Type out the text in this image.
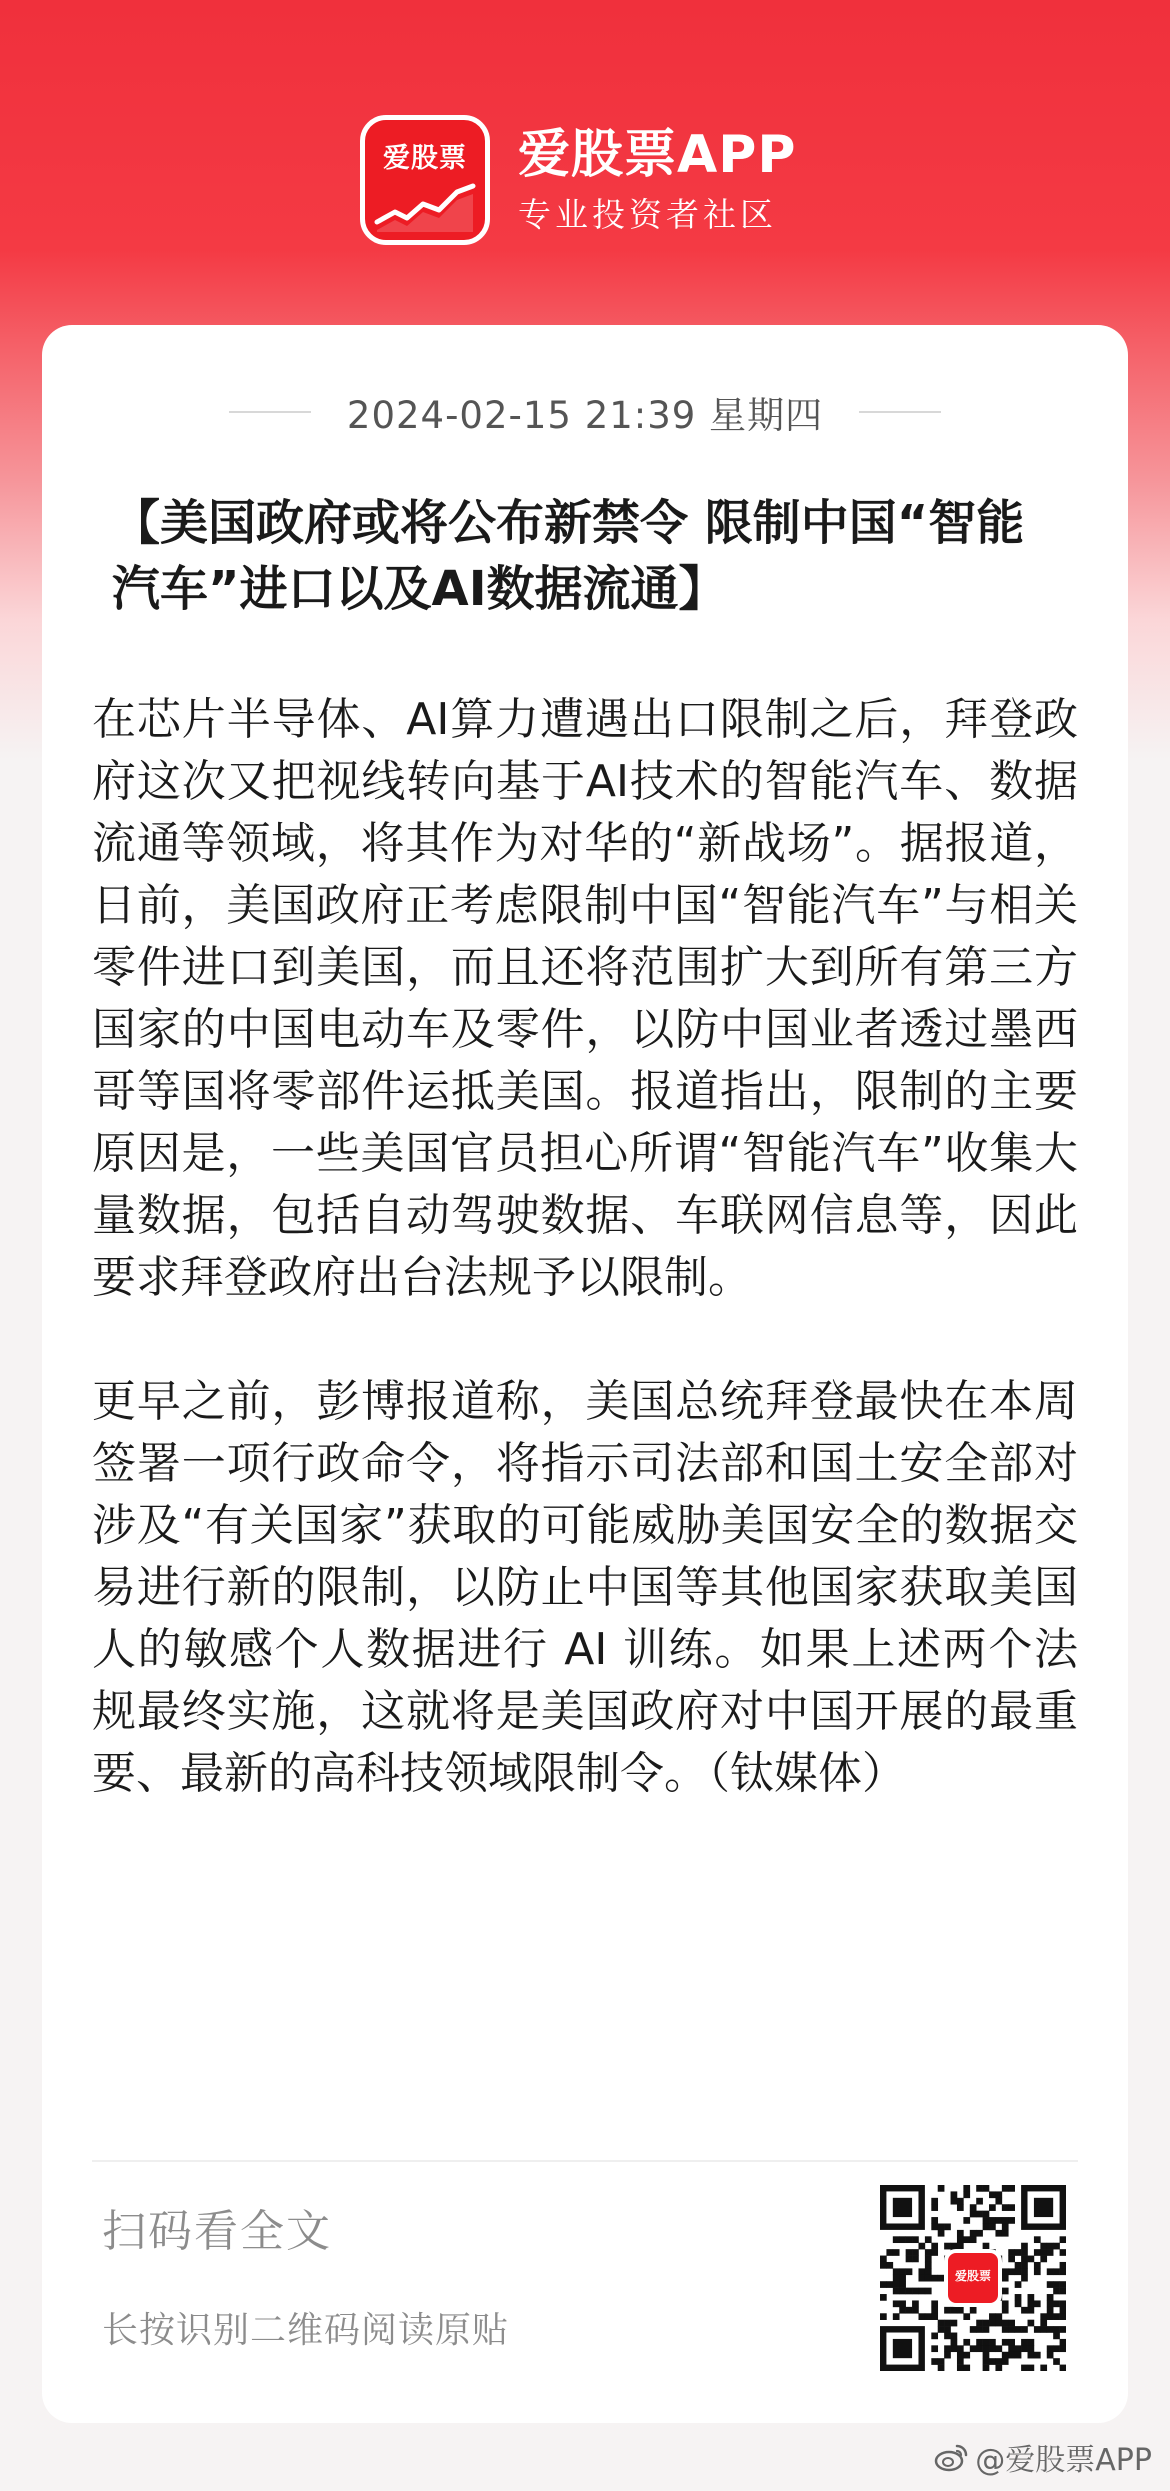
爱股票 爱股票APP
专业投资者社区
2024-02-15 21:39 星期四
【美国政府或将公布新禁令 限制中国“智能汽车”进口以及AI数据流通】

在芯片半导体、AI算力遭遇出口限制之后，拜登政府这次又把视线转向基于AI技术的智能汽车、数据流通等领域，将其作为对华的“新战场”。据报道，日前，美国政府正考虑限制中国“智能汽车”与相关零件进口到美国，而且还将范围扩大到所有第三方国家的中国电动车及零件，以防中国业者透过墨西哥等国将零部件运抵美国。报道指出，限制的主要原因是，一些美国官员担心所谓“智能汽车”收集大量数据，包括自动驾驶数据、车联网信息等，因此要求拜登政府出台法规予以限制。

更早之前，彭博报道称，美国总统拜登最快在本周签署一项行政命令，将指示司法部和国土安全部对涉及“有关国家”获取的可能威胁美国安全的数据交易进行新的限制，以防止中国等其他国家获取美国人的敏感个人数据进行 AI 训练。如果上述两个法规最终实施，这就将是美国政府对中国开展的最重要、最新的高科技领域限制令。（钛媒体）

扫码看全文
长按识别二维码阅读原贴
爱股票
@爱股票APP
